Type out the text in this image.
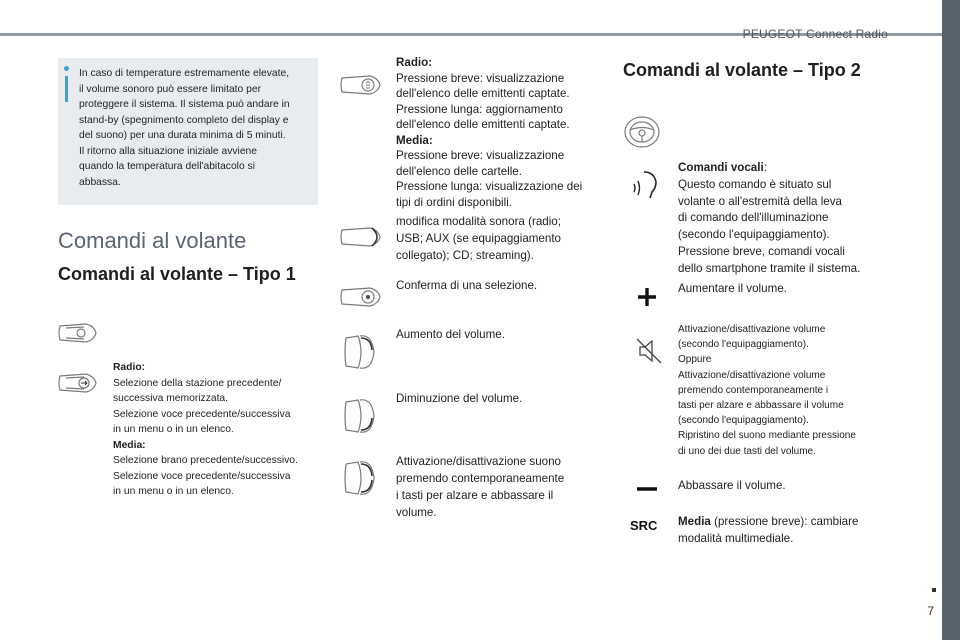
PEUGEOT Connect Radio
7
In caso di temperature estremamente elevate,
il volume sonoro può essere limitato per
proteggere il sistema. Il sistema può andare in
stand-by (spegnimento completo del display e
del suono) per una durata minima di 5 minuti.
Il ritorno alla situazione iniziale avviene
quando la temperatura dell'abitacolo si
abbassa.
Comandi al volante
Comandi al volante – Tipo 1
Radio:
Selezione della stazione precedente/
successiva memorizzata.
Selezione voce precedente/successiva
in un menu o in un elenco.
Media:
Selezione brano precedente/successivo.
Selezione voce precedente/successiva
in un menu o in un elenco.
Radio:
Pressione breve: visualizzazione
dell'elenco delle emittenti captate.
Pressione lunga: aggiornamento
dell'elenco delle emittenti captate.
Media:
Pressione breve: visualizzazione
dell'elenco delle cartelle.
Pressione lunga: visualizzazione dei
tipi di ordini disponibili.
modifica modalità sonora (radio;
USB; AUX (se equipaggiamento
collegato); CD; streaming).
Conferma di una selezione.
Aumento del volume.
Diminuzione del volume.
Attivazione/disattivazione suono
premendo contemporaneamente
i tasti per alzare e abbassare il
volume.
Comandi al volante – Tipo 2
Comandi vocali:
Questo comando è situato sul
volante o all'estremità della leva
di comando dell'illuminazione
(secondo l'equipaggiamento).
Pressione breve, comandi vocali
dello smartphone tramite il sistema.
Aumentare il volume.
Attivazione/disattivazione volume
(secondo l'equipaggiamento).
Oppure
Attivazione/disattivazione volume
premendo contemporaneamente i
tasti per alzare e abbassare il volume
(secondo l'equipaggiamento).
Ripristino del suono mediante pressione
di uno dei due tasti del volume.
Abbassare il volume.
SRC Media (pressione breve): cambiare
modalità multimediale.
